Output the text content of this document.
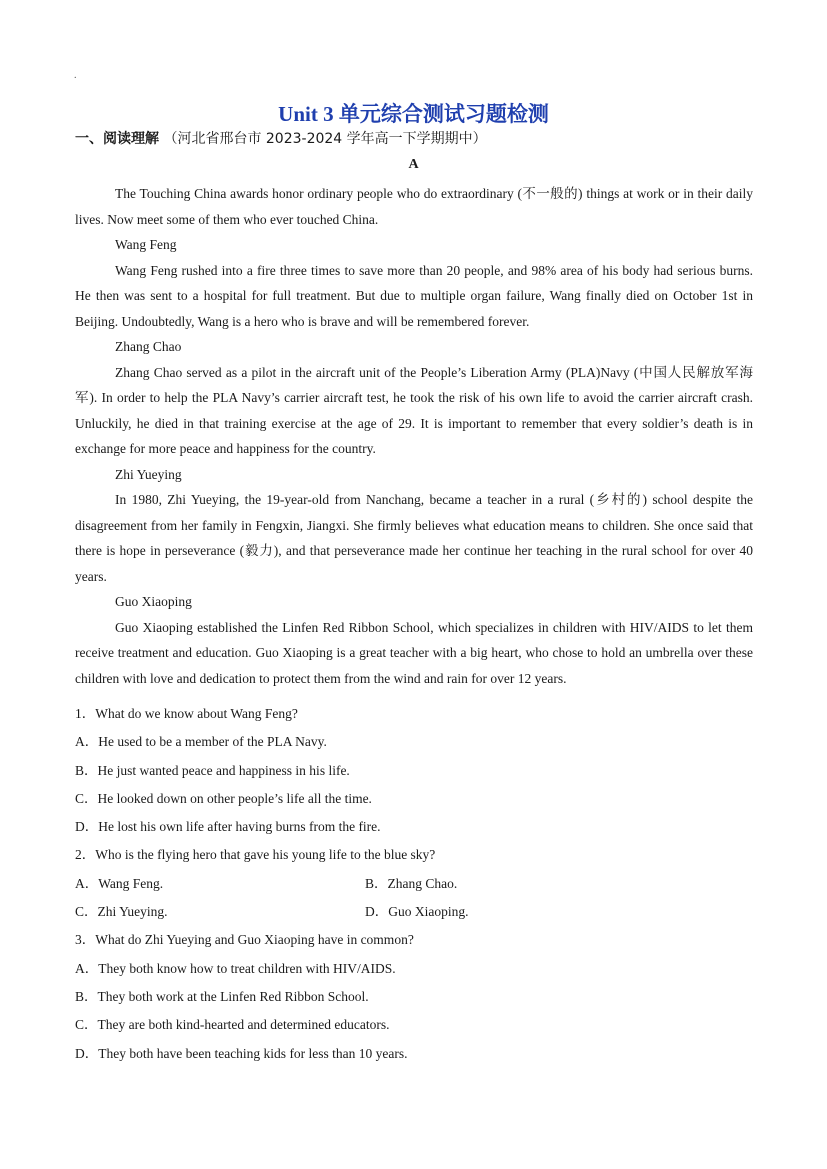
.
Unit 3 单元综合测试习题检测
一、阅读理解 （河北省邢台市 2023-2024 学年高一下学期期中）
A

The Touching China awards honor ordinary people who do extraordinary (不一般的) things at work or in their daily lives. Now meet some of them who ever touched China.

Wang Feng

Wang Feng rushed into a fire three times to save more than 20 people, and 98% area of his body had serious burns. He then was sent to a hospital for full treatment. But due to multiple organ failure, Wang finally died on October 1st in Beijing. Undoubtedly, Wang is a hero who is brave and will be remembered forever.

Zhang Chao

Zhang Chao served as a pilot in the aircraft unit of the People’s Liberation Army (PLA)Navy (中国人民解放军海军). In order to help the PLA Navy’s carrier aircraft test, he took the risk of his own life to avoid the carrier aircraft crash. Unluckily, he died in that training exercise at the age of 29. It is important to remember that every soldier’s death is in exchange for more peace and happiness for the country.

Zhi Yueying

In 1980, Zhi Yueying, the 19-year-old from Nanchang, became a teacher in a rural (乡村的) school despite the disagreement from her family in Fengxin, Jiangxi. She firmly believes what education means to children. She once said that there is hope in perseverance (毅力), and that perseverance made her continue her teaching in the rural school for over 40 years.

Guo Xiaoping

Guo Xiaoping established the Linfen Red Ribbon School, which specializes in children with HIV/AIDS to let them receive treatment and education. Guo Xiaoping is a great teacher with a big heart, who chose to hold an umbrella over these children with love and dedication to protect them from the wind and rain for over 12 years.

1．What do we know about Wang Feng?

A．He used to be a member of the PLA Navy.

B．He just wanted peace and happiness in his life.

C．He looked down on other people’s life all the time.

D．He lost his own life after having burns from the fire.

2．Who is the flying hero that gave his young life to the blue sky?

A．Wang Feng.	B．Zhang Chao.
C．Zhi Yueying.	D．Guo Xiaoping.

3．What do Zhi Yueying and Guo Xiaoping have in common?

A．They both know how to treat children with HIV/AIDS.

B．They both work at the Linfen Red Ribbon School.

C．They are both kind-hearted and determined educators.

D．They both have been teaching kids for less than 10 years.
